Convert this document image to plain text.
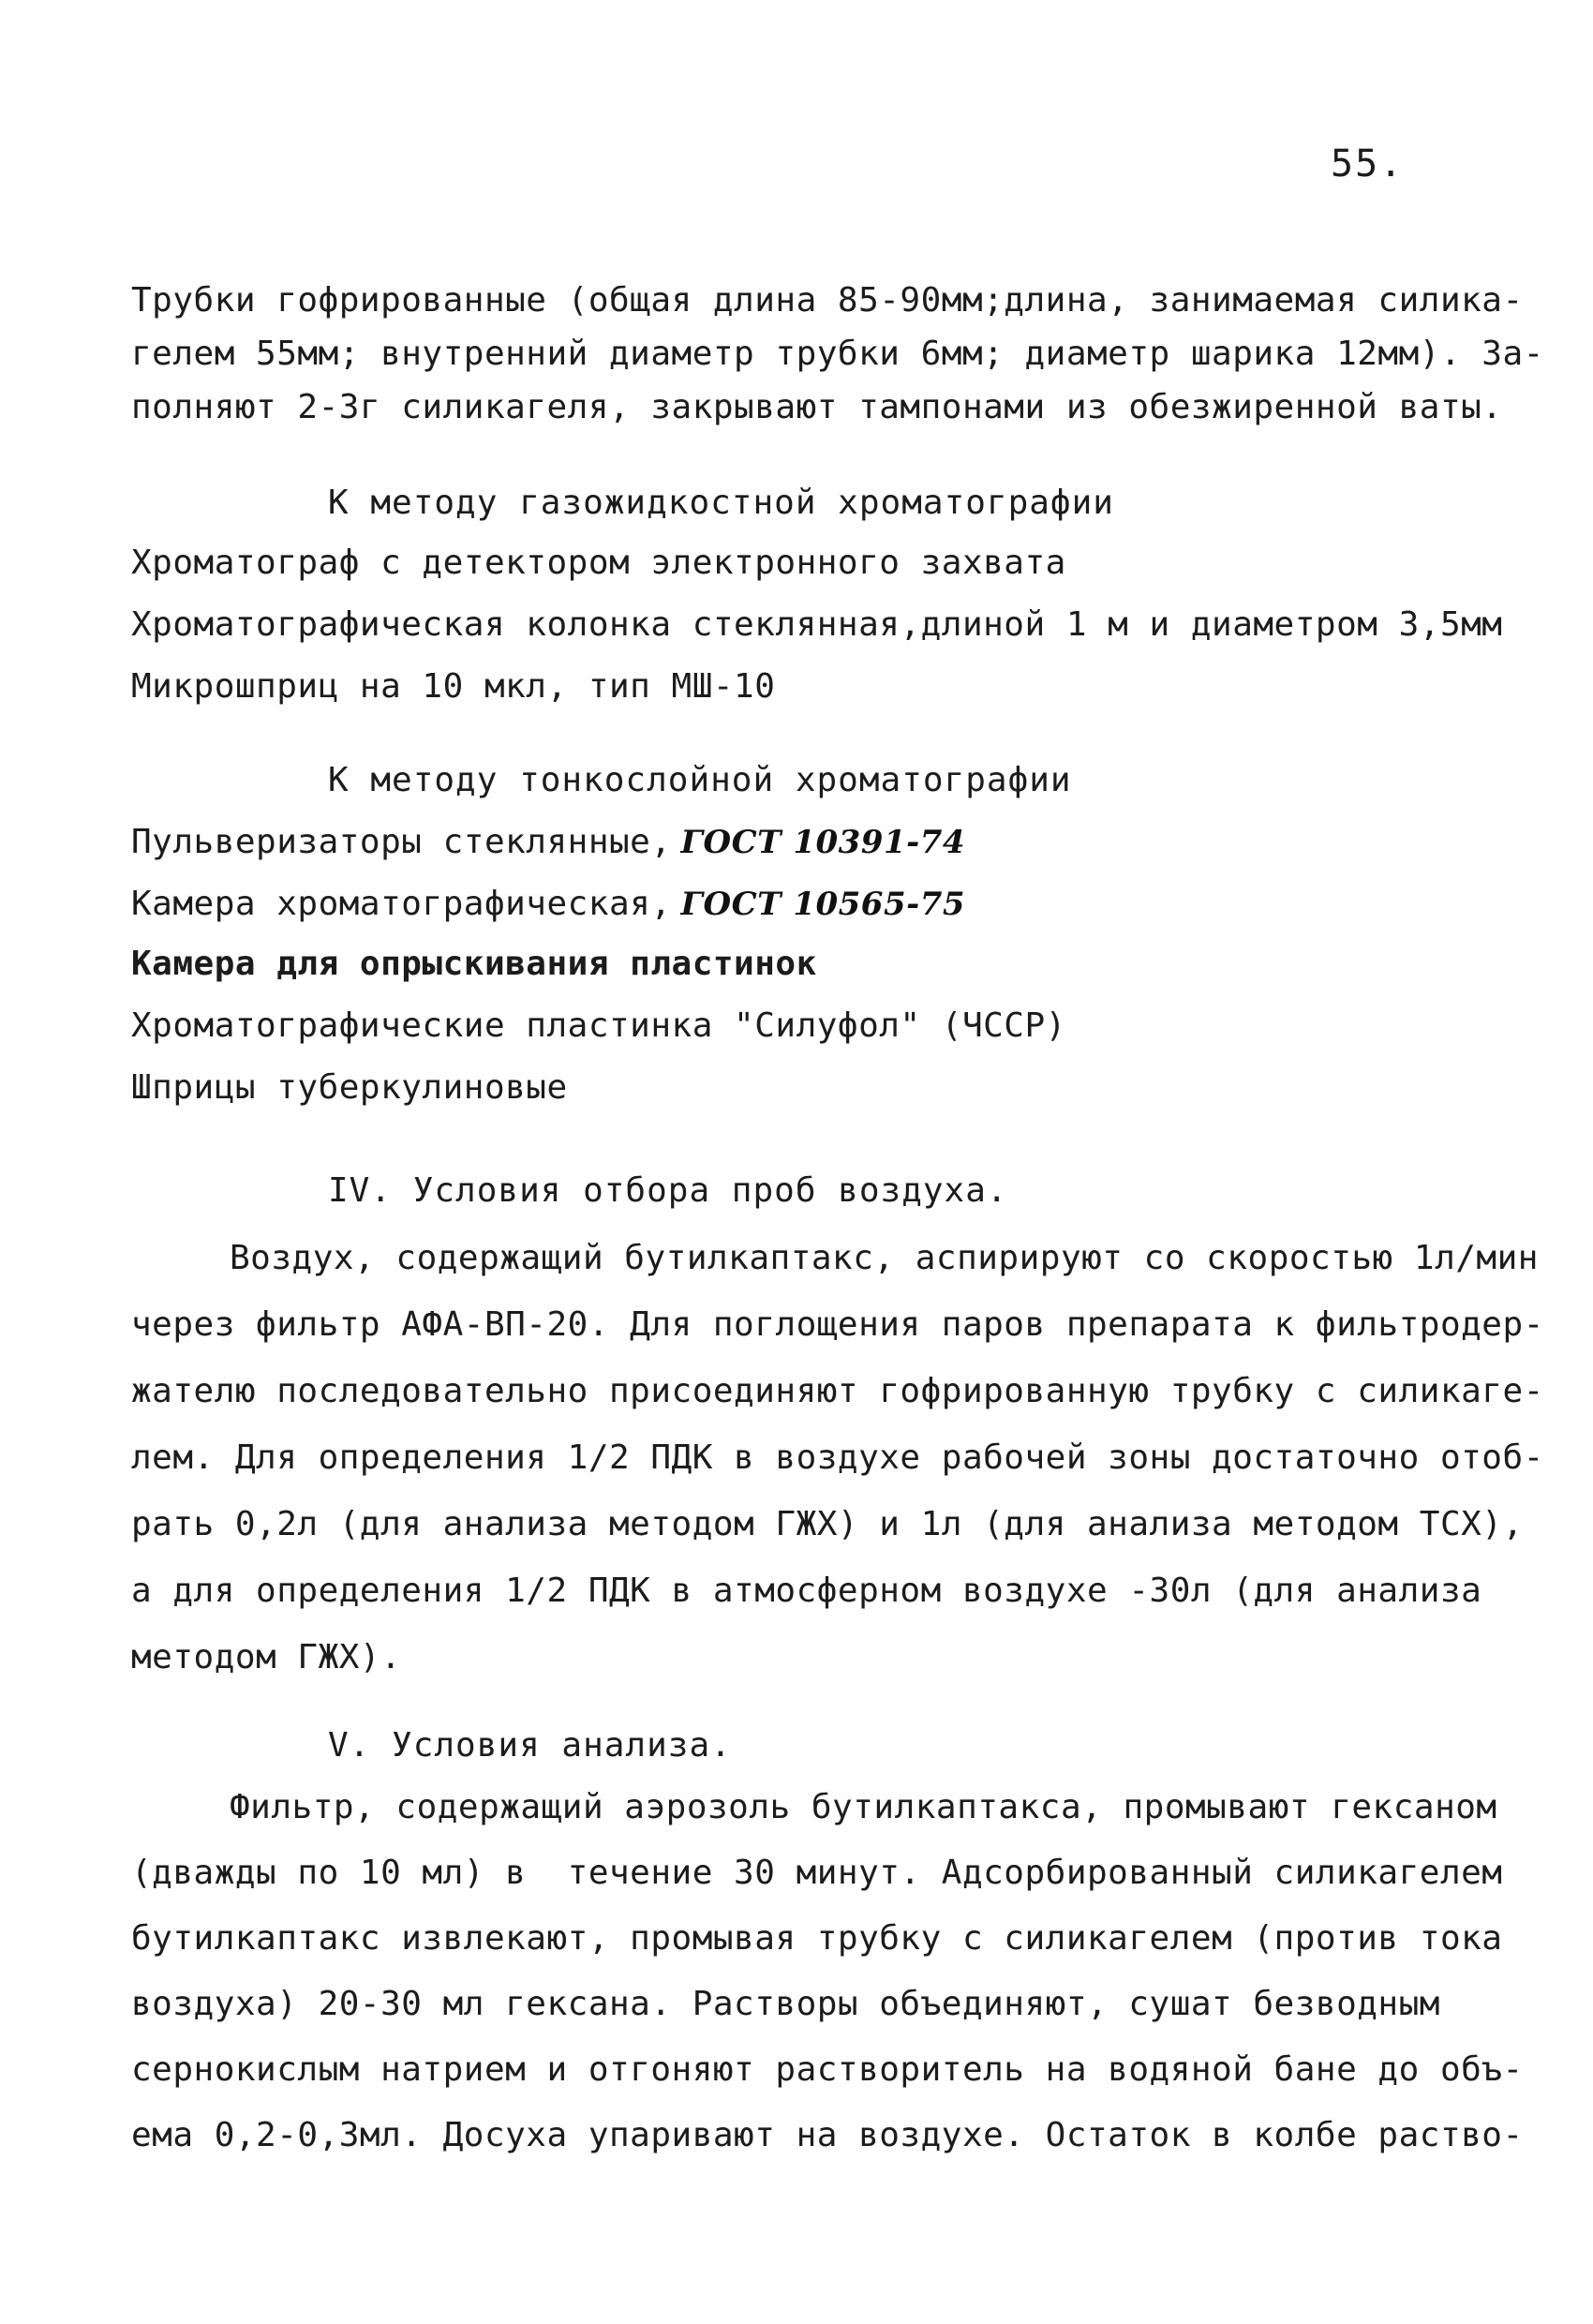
55.
Трубки гофрированные (общая длина 85-90мм;длина, занимаемая силика-
гелем 55мм; внутренний диаметр трубки 6мм; диаметр шарика 12мм). За-
полняют 2-3г силикагеля, закрывают тампонами из обезжиренной ваты.
К методу газожидкостной хроматографии
Хроматограф с детектором электронного захвата
Хроматографическая колонка стеклянная,длиной 1 м и диаметром 3,5мм
Микрошприц на 10 мкл, тип МШ-10
К методу тонкослойной хроматографии
Пульверизаторы стеклянные, ГОСТ 10391-74
Камера хроматографическая, ГОСТ 10565-75
Камера для опрыскивания пластинок
Хроматографические пластинка "Силуфол" (ЧССР)
Шприцы туберкулиновые
IV. Условия отбора проб воздуха.
Воздух, содержащий бутилкаптакс, аспирируют со скоростью 1л/мин
через фильтр АФА-ВП-20. Для поглощения паров препарата к фильтродер-
жателю последовательно присоединяют гофрированную трубку с силикаге-
лем. Для определения 1/2 ПДК в воздухе рабочей зоны достаточно отоб-
рать 0,2л (для анализа методом ГЖХ) и 1л (для анализа методом ТСХ),
а для определения 1/2 ПДК в атмосферном воздухе -30л (для анализа
методом ГЖХ).
V. Условия анализа.
Фильтр, содержащий аэрозоль бутилкаптакса, промывают гексаном
(дважды по 10 мл) в  течение 30 минут. Адсорбированный силикагелем
бутилкаптакс извлекают, промывая трубку с силикагелем (против тока
воздуха) 20-30 мл гексана. Растворы объединяют, сушат безводным
сернокислым натрием и отгоняют растворитель на водяной бане до объ-
ема 0,2-0,3мл. Досуха упаривают на воздухе. Остаток в колбе раство-
